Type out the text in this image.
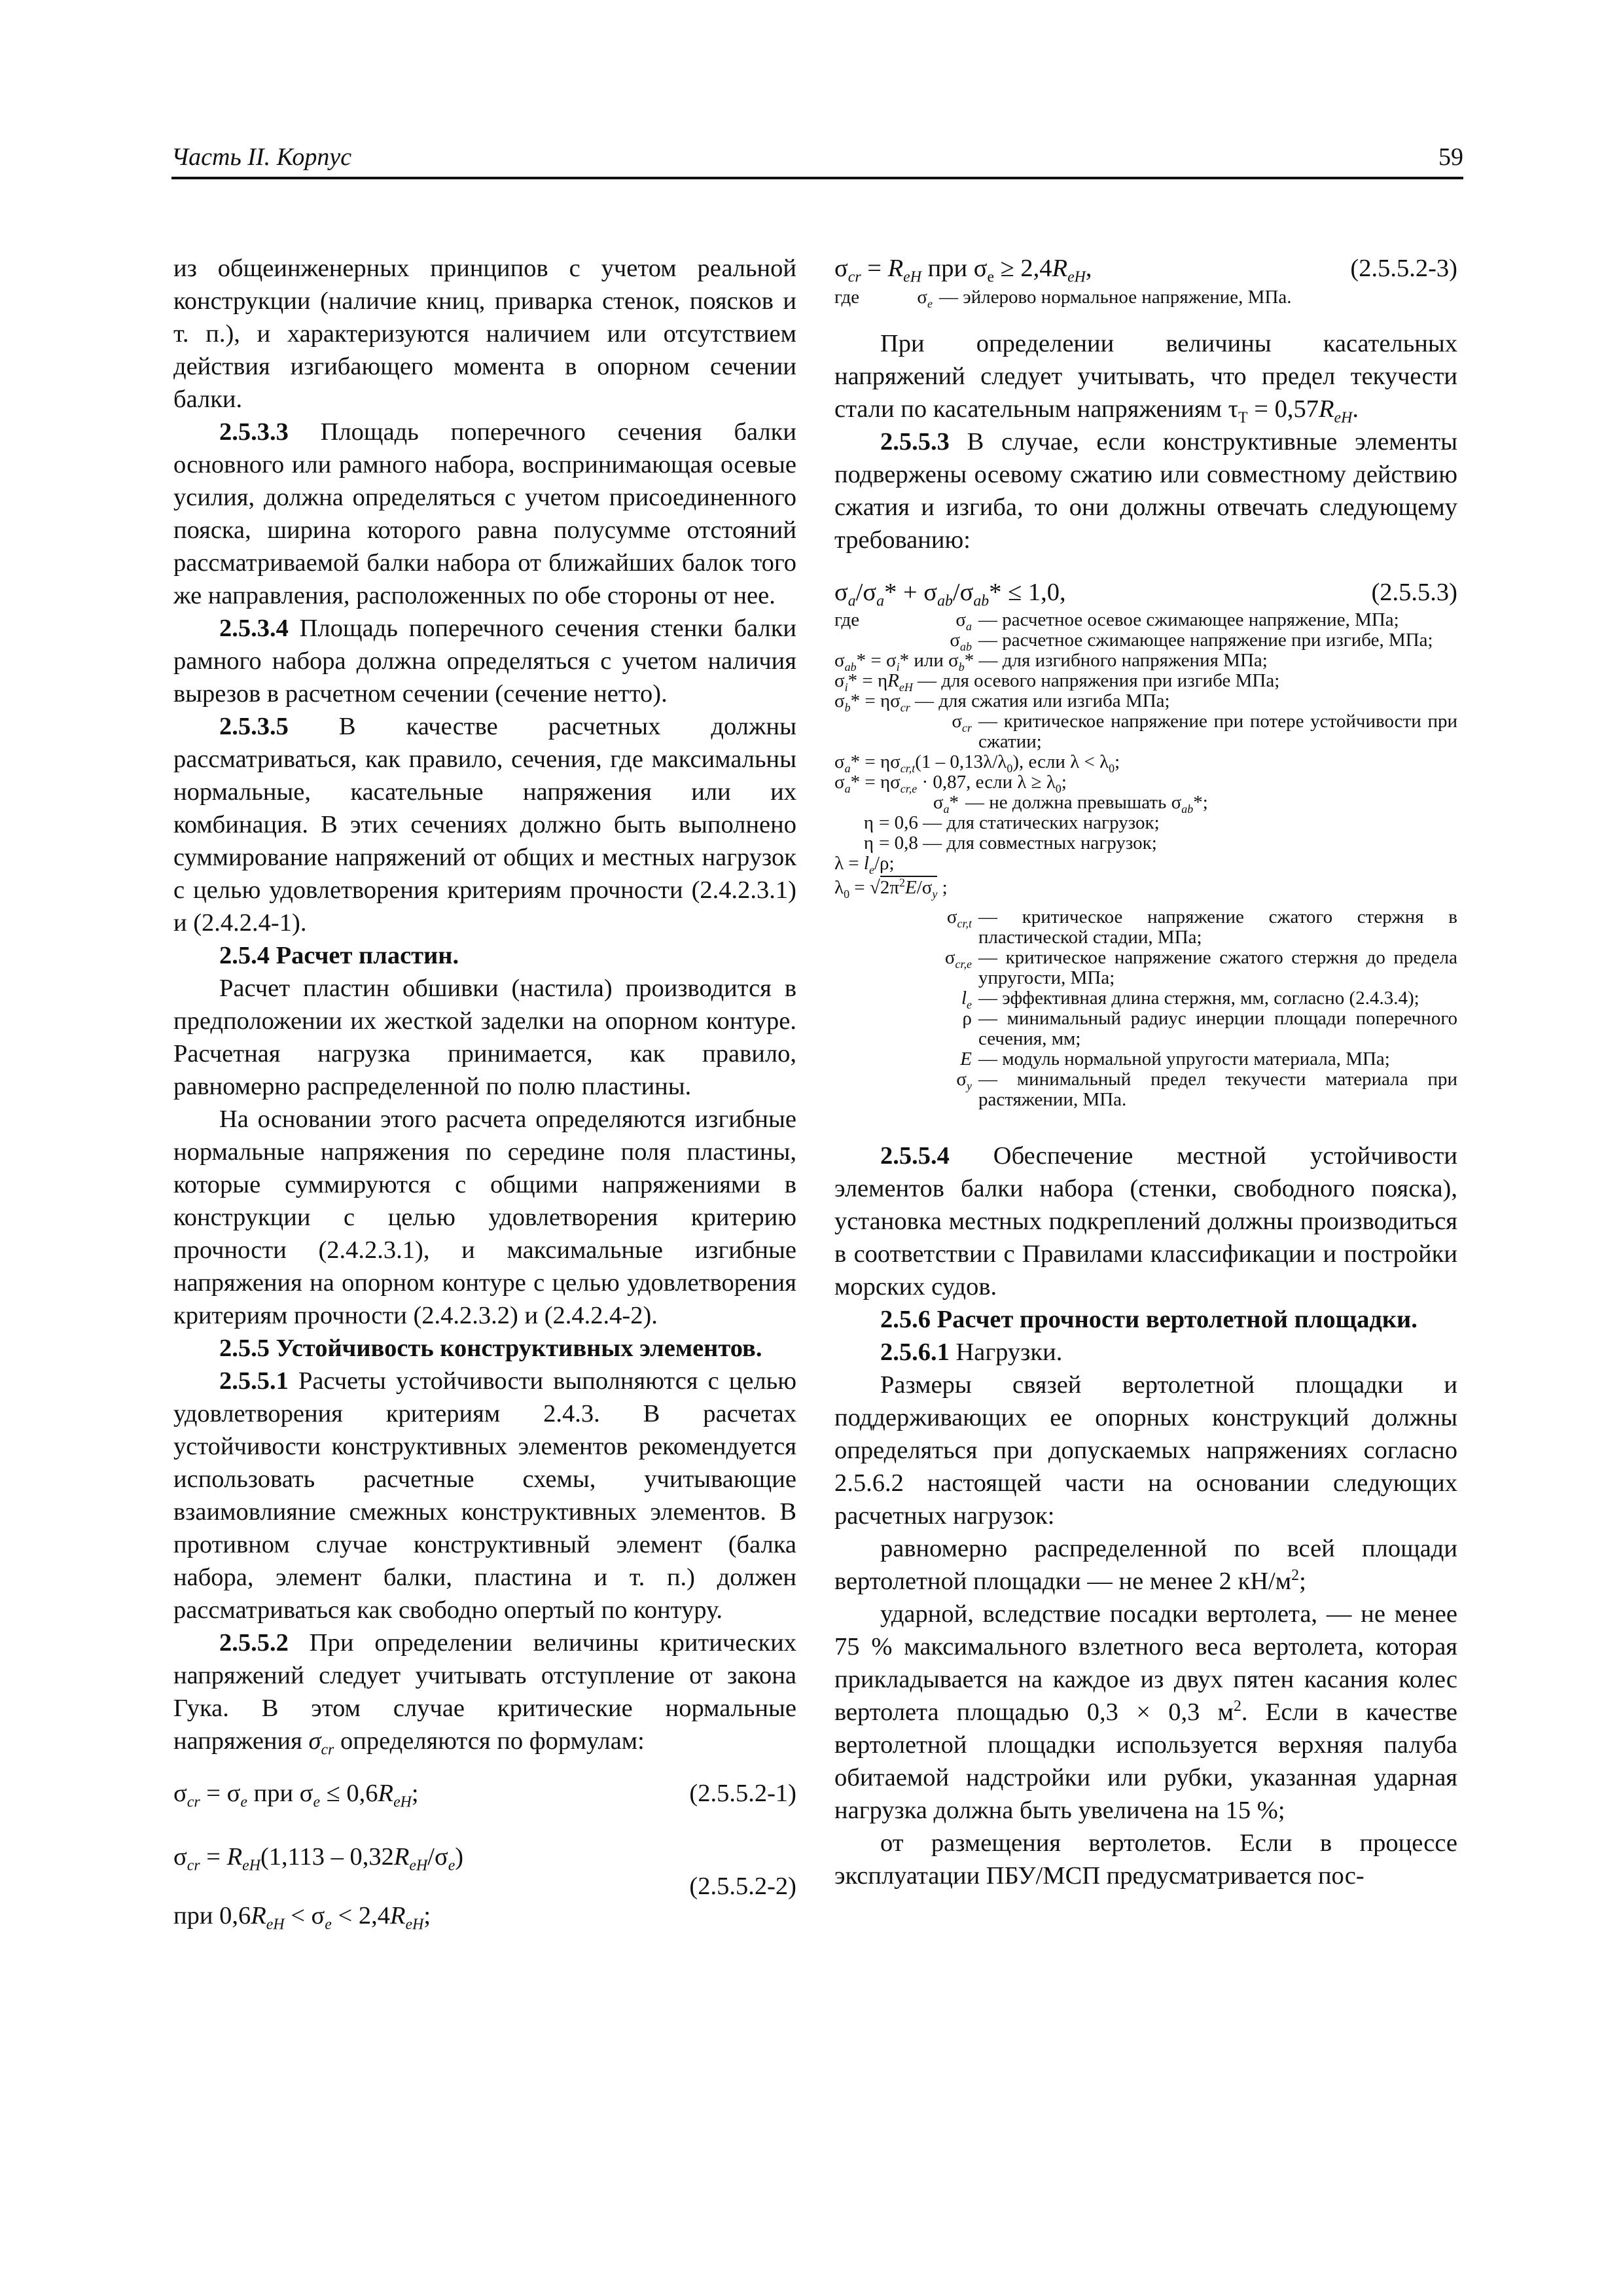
Часть II. Корпус	59

из общеинженерных принципов с учетом реальной конструкции (наличие книц, приварка стенок, поясков и т. п.), и характеризуются наличием или отсутствием действия изгибающего момента в опорном сечении балки.

2.5.3.3 Площадь поперечного сечения балки основного или рамного набора, воспринимающая осевые усилия, должна определяться с учетом присоединенного пояска, ширина которого равна полусумме отстояний рассматриваемой балки набора от ближайших балок того же направления, расположенных по обе стороны от нее.

2.5.3.4 Площадь поперечного сечения стенки балки рамного набора должна определяться с учетом наличия вырезов в расчетном сечении (сечение нетто).

2.5.3.5 В качестве расчетных должны рассматриваться, как правило, сечения, где максимальны нормальные, касательные напряжения или их комбинация. В этих сечениях должно быть выполнено суммирование напряжений от общих и местных нагрузок с целью удовлетворения критериям прочности (2.4.2.3.1) и (2.4.2.4-1).

2.5.4 Расчет пластин.

Расчет пластин обшивки (настила) производится в предположении их жесткой заделки на опорном контуре. Расчетная нагрузка принимается, как правило, равномерно распределенной по полю пластины.

На основании этого расчета определяются изгибные нормальные напряжения по середине поля пластины, которые суммируются с общими напряжениями в конструкции с целью удовлетворения критерию прочности (2.4.2.3.1), и максимальные изгибные напряжения на опорном контуре с целью удовлетворения критериям прочности (2.4.2.3.2) и (2.4.2.4-2).

2.5.5 Устойчивость конструктивных элементов.

2.5.5.1 Расчеты устойчивости выполняются с целью удовлетворения критериям 2.4.3. В расчетах устойчивости конструктивных элементов рекомендуется использовать расчетные схемы, учитывающие взаимовлияние смежных конструктивных элементов. В противном случае конструктивный элемент (балка набора, элемент балки, пластина и т. п.) должен рассматриваться как свободно опертый по контуру.

2.5.5.2 При определении величины критических напряжений следует учитывать отступление от закона Гука. В этом случае критические нормальные напряжения $\sigma_{cr}$ определяются по формулам:

$\sigma_{cr} = \sigma_e$ при $\sigma_e \le 0,6R_{eH}$;	(2.5.5.2-1)
$\sigma_{cr} = R_{eH}(1,113 - 0,32R_{eH}/\sigma_e)$
(2.5.5.2-2)
при $0,6R_{eH} < \sigma_e < 2,4R_{eH}$;
$\sigma_{cr} = R_{eH}$ при $\sigma_e \ge 2,4R_{eH}$,	(2.5.5.2-3)
где	$\sigma_e$ — эйлерово нормальное напряжение, МПа.

При определении величины касательных напряжений следует учитывать, что предел текучести стали по касательным напряжениям $\tau_T = 0,57R_{eH}$.

2.5.5.3 В случае, если конструктивные элементы подвержены осевому сжатию или совместному действию сжатия и изгиба, то они должны отвечать следующему требованию:

$\sigma_a/\sigma_a* + \sigma_{ab}/\sigma_{ab}* \le 1,0$,	(2.5.5.3)
где	$\sigma_a$ — расчетное осевое сжимающее напряжение, МПа;
$\sigma_{ab}$ — расчетное сжимающее напряжение при изгибе, МПа;
$\sigma_{ab}* = \sigma_i*$ или $\sigma_b*$ — для изгибного напряжения МПа;
$\sigma_i* = \eta R_{eH}$ — для осевого напряжения при изгибе МПа;
$\sigma_b* = \eta\sigma_{cr}$ — для сжатия или изгиба МПа;
$\sigma_{cr}$ — критическое напряжение при потере устойчивости при сжатии;
$\sigma_a* = \eta\sigma_{cr,t}$ $(1 - 0,13\lambda/\lambda_0)$, если $\lambda < \lambda_0$;
$\sigma_a* = \eta\sigma_{cr,e} \cdot 0,87$, если $\lambda \ge \lambda_0$;
$\sigma_a*$ — не должна превышать $\sigma_{ab}*$;
η = 0,6 — для статических нагрузок;
η = 0,8 — для совместных нагрузок;
$\lambda = l_e/\rho$;
$\lambda_0 = √2\pi^2E/\sigma_y$ ;
$\sigma_{cr,t}$ — критическое напряжение сжатого стержня в пластической стадии, МПа;
$\sigma_{cr,e}$ — критическое напряжение сжатого стержня до предела упругости, МПа;
$l_e$ — эффективная длина стержня, мм, согласно (2.4.3.4);
ρ — минимальный радиус инерции площади поперечного сечения, мм;
E — модуль нормальной упругости материала, МПа;
$\sigma_y$ — минимальный предел текучести материала при растяжении, МПа.

2.5.5.4 Обеспечение местной устойчивости элементов балки набора (стенки, свободного пояска), установка местных подкреплений должны производиться в соответствии с Правилами классификации и постройки морских судов.

2.5.6 Расчет прочности вертолетной площадки.

2.5.6.1 Нагрузки.

Размеры связей вертолетной площадки и поддерживающих ее опорных конструкций должны определяться при допускаемых напряжениях согласно 2.5.6.2 настоящей части на основании следующих расчетных нагрузок:

равномерно распределенной по всей площади вертолетной площадки — не менее 2 $кН/м^2$;

ударной, вследствие посадки вертолета, — не менее 75 % максимального взлетного веса вертолета, которая прикладывается на каждое из двух пятен касания колес вертолета площадью 0,3 × 0,3 $м^2$. Если в качестве вертолетной площадки используется верхняя палуба обитаемой надстройки или рубки, указанная ударная нагрузка должна быть увеличена на 15 %;

от размещения вертолетов. Если в процессе эксплуатации ПБУ/МСП предусматривается пос-
